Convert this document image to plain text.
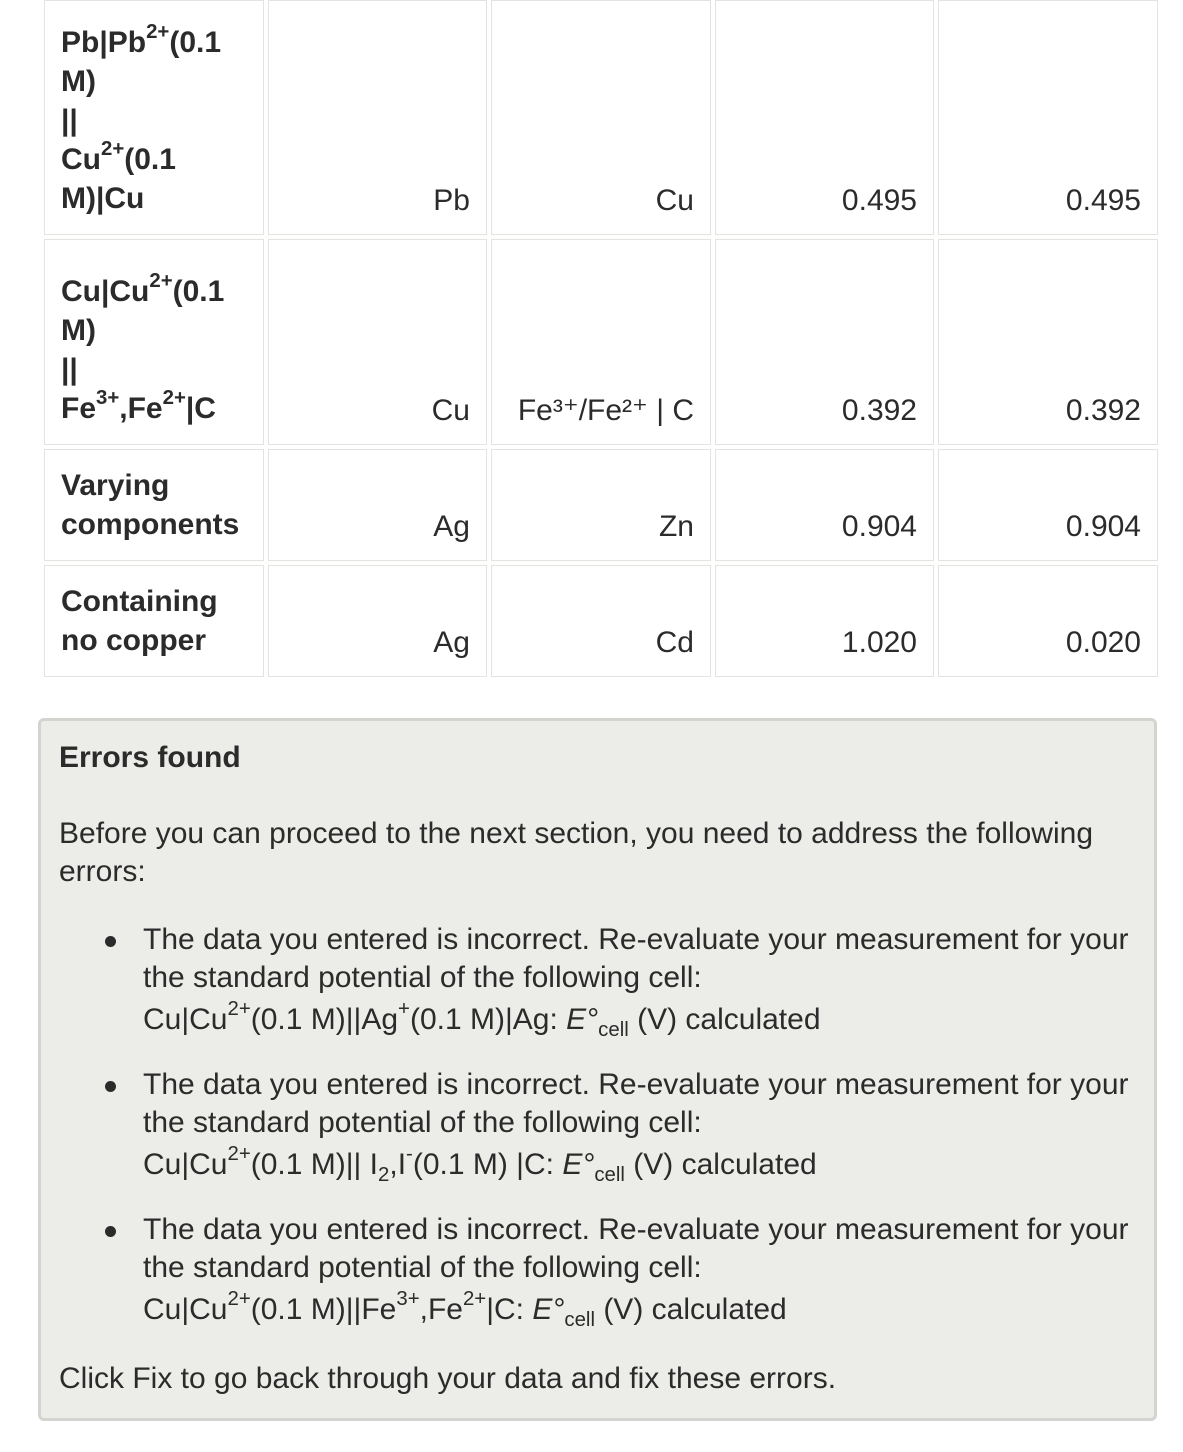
$Pb|Pb^{2+}(0.1$
M)
||
$Cu^{2+}(0.1$
M)|Cu	Pb	Cu	0.495	0.495
$Cu|Cu^{2+}(0.1$
M)
||
$Fe^{3+},Fe^{2+}|C$	Cu	Fe³⁺/Fe²⁺ | C	0.392	0.392
Varying components	Ag	Zn	0.904	0.904
Containing no copper	Ag	Cd	1.020	0.020
Errors found

Before you can proceed to the next section, you need to address the following errors:

The data you entered is incorrect. Re-evaluate your measurement for your the standard potential of the following cell:
$Cu|Cu^{2+}(0.1$ M)||Ag+(0.1 M)|Ag: $E^\circ_{cell}$ (V) calculated
The data you entered is incorrect. Re-evaluate your measurement for your the standard potential of the following cell:
$Cu|Cu^{2+}(0.1$ M)|| $I_2,I^-(0.1$ M) |C: $E^\circ_{cell}$ (V) calculated
The data you entered is incorrect. Re-evaluate your measurement for your the standard potential of the following cell:
$Cu|Cu^{2+}(0.1$ $M)||Fe^{3+},Fe^{2+}|C$: $E^\circ_{cell}$ (V) calculated

Click Fix to go back through your data and fix these errors.
